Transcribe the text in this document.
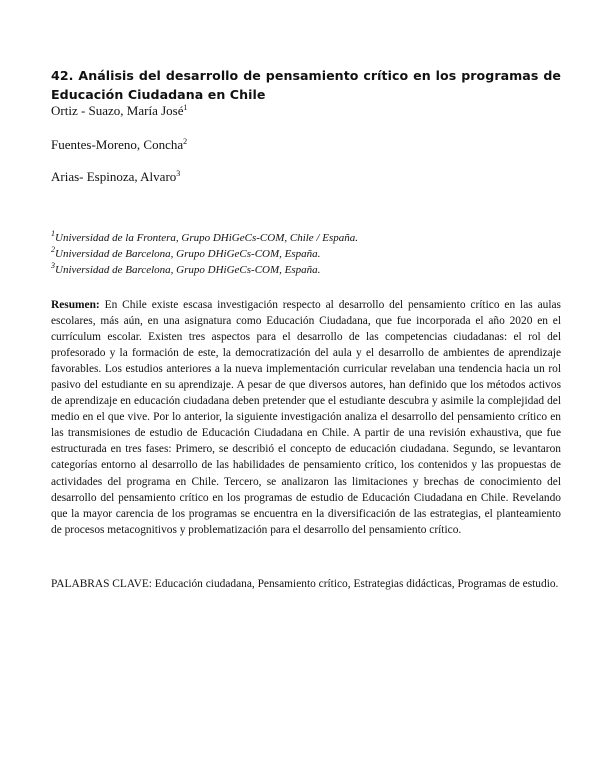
42. Análisis del desarrollo de pensamiento crítico en los programas de Educación Ciudadana en Chile
Ortiz - Suazo, María José$^1$
Fuentes-Moreno, Concha$^2$
Arias- Espinoza, Alvaro$^3$
$^1$Universidad de la Frontera, Grupo DHiGeCs-COM, Chile / España.
$^2$Universidad de Barcelona, Grupo DHiGeCs-COM, España.
$^3$Universidad de Barcelona, Grupo DHiGeCs-COM, España.

Resumen: En Chile existe escasa investigación respecto al desarrollo del pensamiento crítico en las aulas escolares, más aún, en una asignatura como Educación Ciudadana, que fue incorporada el año 2020 en el currículum escolar. Existen tres aspectos para el desarrollo de las competencias ciudadanas: el rol del profesorado y la formación de este, la democratización del aula y el desarrollo de ambientes de aprendizaje favorables. Los estudios anteriores a la nueva implementación curricular revelaban una tendencia hacia un rol pasivo del estudiante en su aprendizaje. A pesar de que diversos autores, han definido que los métodos activos de aprendizaje en educación ciudadana deben pretender que el estudiante descubra y asimile la complejidad del medio en el que vive. Por lo anterior, la siguiente investigación analiza el desarrollo del pensamiento crítico en las transmisiones de estudio de Educación Ciudadana en Chile. A partir de una revisión exhaustiva, que fue estructurada en tres fases: Primero, se describió el concepto de educación ciudadana. Segundo, se levantaron categorías entorno al desarrollo de las habilidades de pensamiento crítico, los contenidos y las propuestas de actividades del programa en Chile. Tercero, se analizaron las limitaciones y brechas de conocimiento del desarrollo del pensamiento crítico en los programas de estudio de Educación Ciudadana en Chile. Revelando que la mayor carencia de los programas se encuentra en la diversificación de las estrategias, el planteamiento de procesos metacognitivos y problematización para el desarrollo del pensamiento crítico.

PALABRAS CLAVE: Educación ciudadana, Pensamiento crítico, Estrategias didácticas, Programas de estudio.
